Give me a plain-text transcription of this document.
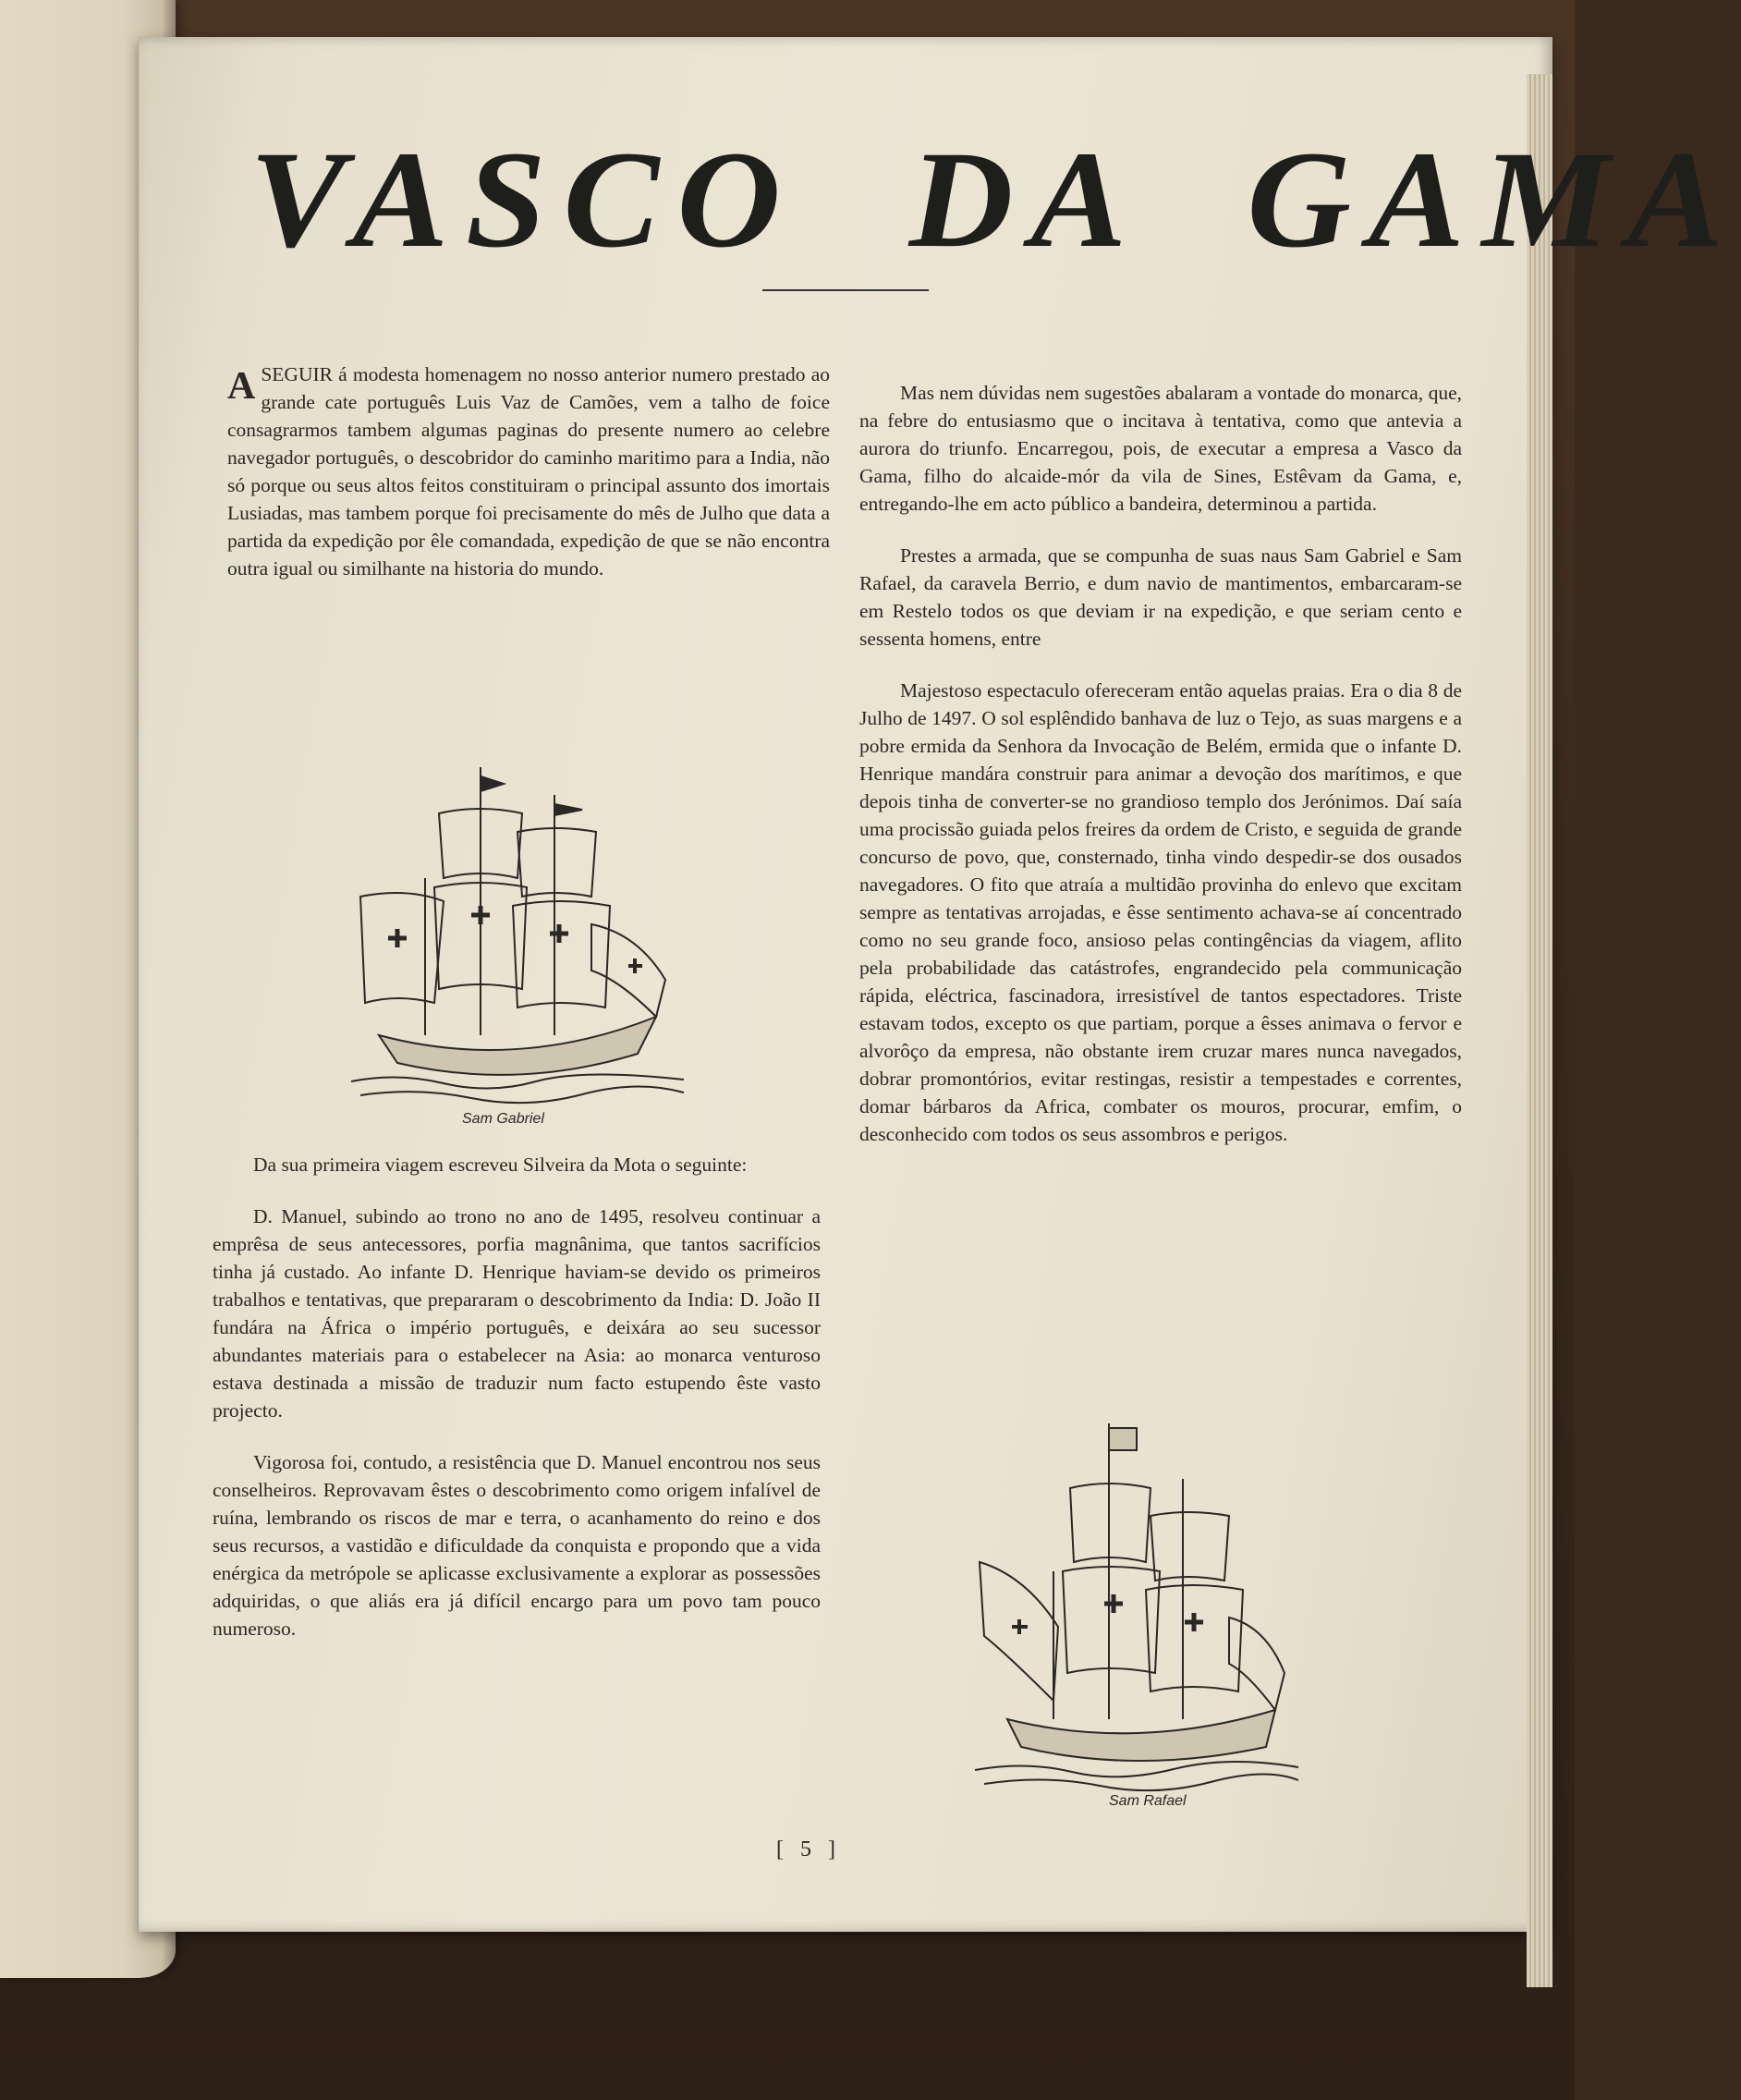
VASCO DA GAMA

ASEGUIR á modesta homenagem no nosso anterior numero prestado ao grande cate português Luis Vaz de Camões, vem a talho de foice consagrarmos tambem algumas paginas do presente numero ao celebre navegador português, o descobridor do caminho maritimo para a India, não só porque ou seus altos feitos constituiram o principal assunto dos imortais Lusiadas, mas tambem porque foi precisamente do mês de Julho que data a partida da expedição por êle comandada, expedição de que se não encontra outra igual ou similhante na historia do mundo.

Sam Gabriel

Da sua primeira viagem escreveu Silveira da Mota o seguinte:

D. Manuel, subindo ao trono no ano de 1495, resolveu continuar a emprêsa de seus antecessores, porfia magnânima, que tantos sacrifícios tinha já custado. Ao infante D. Henrique haviam-se devido os primeiros trabalhos e tentativas, que prepararam o descobrimento da India: D. João II fundára na África o império português, e deixára ao seu sucessor abundantes materiais para o estabelecer na Asia: ao monarca venturoso estava destinada a missão de traduzir num facto estupendo êste vasto projecto.

Vigorosa foi, contudo, a resistência que D. Manuel encontrou nos seus conselheiros. Reprovavam êstes o descobrimento como origem infalível de ruína, lembrando os riscos de mar e terra, o acanhamento do reino e dos seus recursos, a vastidão e dificuldade da conquista e propondo que a vida enérgica da metrópole se aplicasse exclusivamente a explorar as possessões adquiridas, o que aliás era já difícil encargo para um povo tam pouco numeroso.

Mas nem dúvidas nem sugestões abalaram a vontade do monarca, que, na febre do entusiasmo que o incitava à tentativa, como que antevia a aurora do triunfo. Encarregou, pois, de executar a empresa a Vasco da Gama, filho do alcaide-mór da vila de Sines, Estêvam da Gama, e, entregando-lhe em acto público a bandeira, determinou a partida.

Prestes a armada, que se compunha de suas naus Sam Gabriel e Sam Rafael, da caravela Berrio, e dum navio de mantimentos, embarcaram-se em Restelo todos os que deviam ir na expedição, e que seriam cento e sessenta homens, entre

Majestoso espectaculo ofereceram então aquelas praias. Era o dia 8 de Julho de 1497. O sol esplêndido banhava de luz o Tejo, as suas margens e a pobre ermida da Senhora da Invocação de Belém, ermida que o infante D. Henrique mandára construir para animar a devoção dos marítimos, e que depois tinha de converter-se no grandioso templo dos Jerónimos. Daí saía uma procissão guiada pelos freires da ordem de Cristo, e seguida de grande concurso de povo, que, consternado, tinha vindo despedir-se dos ousados navegadores. O fito que atraía a multidão provinha do enlevo que excitam sempre as tentativas arrojadas, e êsse sentimento achava-se aí concentrado como no seu grande foco, ansioso pelas contingências da viagem, aflito pela probabilidade das catástrofes, engrandecido pela communicação rápida, eléctrica, fascinadora, irresistível de tantos espectadores. Triste estavam todos, excepto os que partiam, porque a êsses animava o fervor e alvorôço da empresa, não obstante irem cruzar mares nunca navegados, dobrar promontórios, evitar restingas, resistir a tempestades e correntes, domar bárbaros da Africa, combater os mouros, procurar, emfim, o desconhecido com todos os seus assombros e perigos.

Sam Rafael
[ 5 ]
